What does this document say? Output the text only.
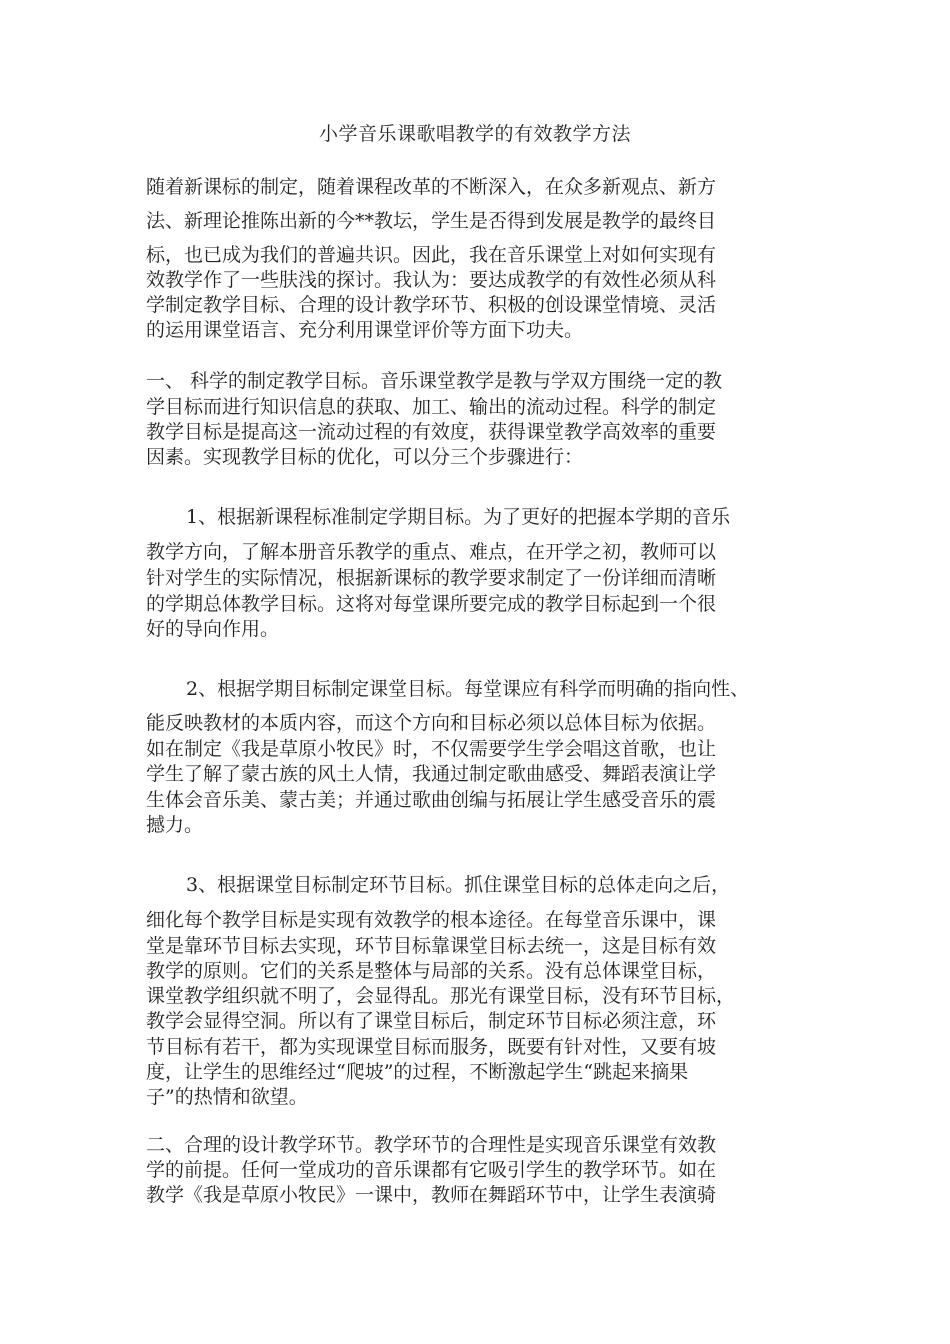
小学音乐课歌唱教学的有效教学方法
随着新课标的制定，随着课程改革的不断深入，在众多新观点、新方
法、新理论推陈出新的今**教坛，学生是否得到发展是教学的最终目
标，也已成为我们的普遍共识。因此，我在音乐课堂上对如何实现有
效教学作了一些肤浅的探讨。我认为：要达成教学的有效性必须从科
学制定教学目标、合理的设计教学环节、积极的创设课堂情境、灵活
的运用课堂语言、充分利用课堂评价等方面下功夫。
一、 科学的制定教学目标。音乐课堂教学是教与学双方围绕一定的教
学目标而进行知识信息的获取、加工、输出的流动过程。科学的制定
教学目标是提高这一流动过程的有效度，获得课堂教学高效率的重要
因素。实现教学目标的优化，可以分三个步骤进行：
1、根据新课程标准制定学期目标。为了更好的把握本学期的音乐
教学方向，了解本册音乐教学的重点、难点，在开学之初，教师可以
针对学生的实际情况，根据新课标的教学要求制定了一份详细而清晰
的学期总体教学目标。这将对每堂课所要完成的教学目标起到一个很
好的导向作用。
2、根据学期目标制定课堂目标。每堂课应有科学而明确的指向性、
能反映教材的本质内容，而这个方向和目标必须以总体目标为依据。
如在制定《我是草原小牧民》时，不仅需要学生学会唱这首歌，也让
学生了解了蒙古族的风土人情，我通过制定歌曲感受、舞蹈表演让学
生体会音乐美、蒙古美；并通过歌曲创编与拓展让学生感受音乐的震
撼力。
3、根据课堂目标制定环节目标。抓住课堂目标的总体走向之后，
细化每个教学目标是实现有效教学的根本途径。在每堂音乐课中，课
堂是靠环节目标去实现，环节目标靠课堂目标去统一，这是目标有效
教学的原则。它们的关系是整体与局部的关系。没有总体课堂目标，
课堂教学组织就不明了，会显得乱。那光有课堂目标，没有环节目标，
教学会显得空洞。所以有了课堂目标后，制定环节目标必须注意，环
节目标有若干，都为实现课堂目标而服务，既要有针对性，又要有坡
度，让学生的思维经过“爬坡”的过程，不断激起学生“跳起来摘果
子”的热情和欲望。
二、合理的设计教学环节。教学环节的合理性是实现音乐课堂有效教
学的前提。任何一堂成功的音乐课都有它吸引学生的教学环节。如在
教学《我是草原小牧民》一课中，教师在舞蹈环节中，让学生表演骑
